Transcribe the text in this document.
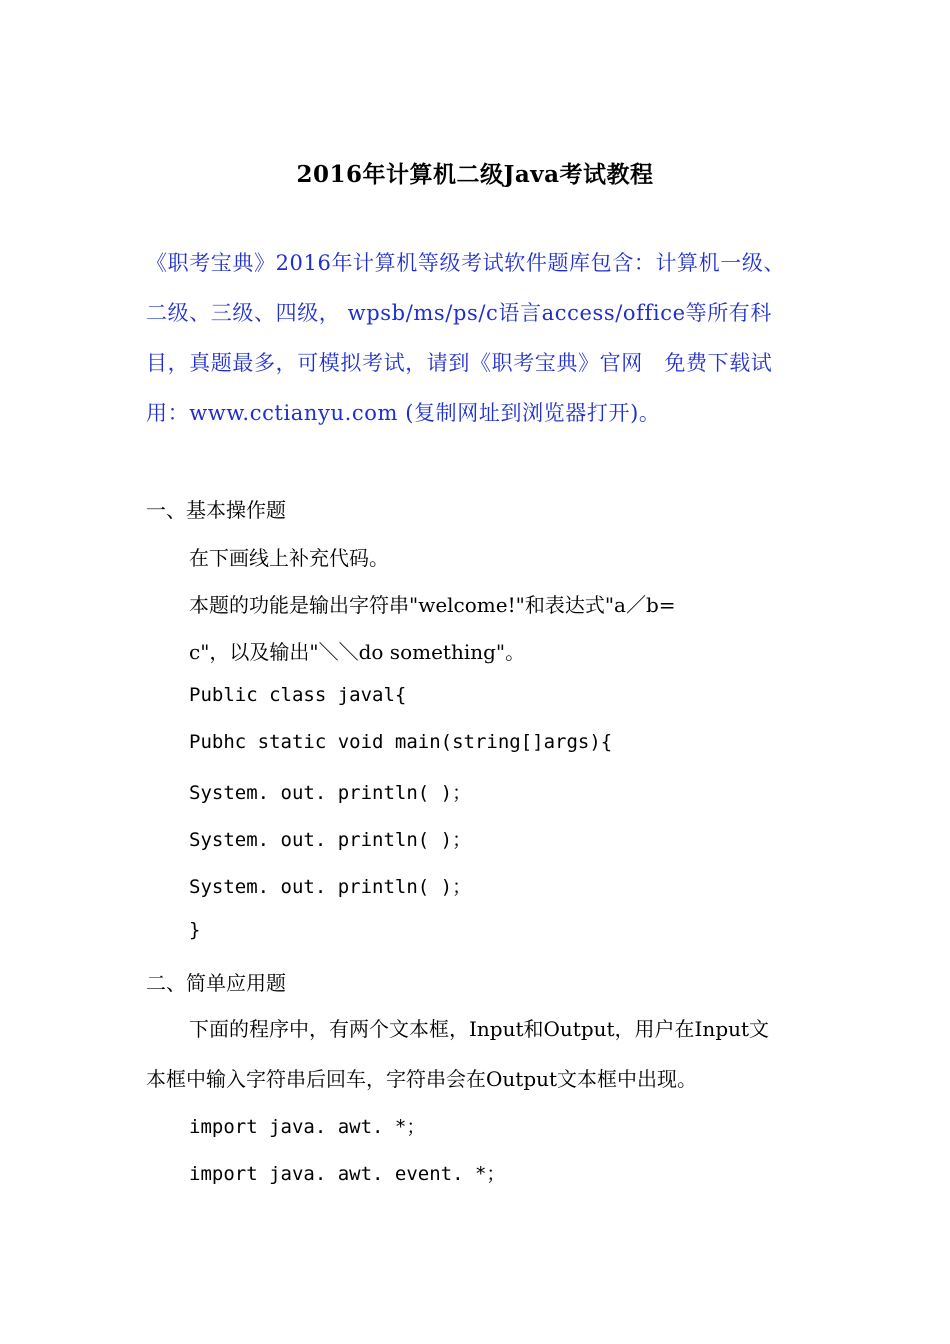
2016年计算机二级Java考试教程
《职考宝典》2016年计算机等级考试软件题库包含：计算机一级、
二级、三级、四级， wpsb/ms/ps/c语言access/office等所有科
目，真题最多，可模拟考试，请到《职考宝典》官网　免费下载试
用：www.cctianyu.com (复制网址到浏览器打开)。
一、基本操作题
在下画线上补充代码。
本题的功能是输出字符串"welcome!"和表达式"a／b=
c"，以及输出"＼＼do something"。
Public class javal{
Pubhc static void main(string[]args){
System. out. println( )；
System. out. println( )；
System. out. println( )；
}
二、简单应用题
下面的程序中，有两个文本框，Input和Output，用户在Input文
本框中输入字符串后回车，字符串会在Output文本框中出现。
import java. awt. *；
import java. awt. event. *；
